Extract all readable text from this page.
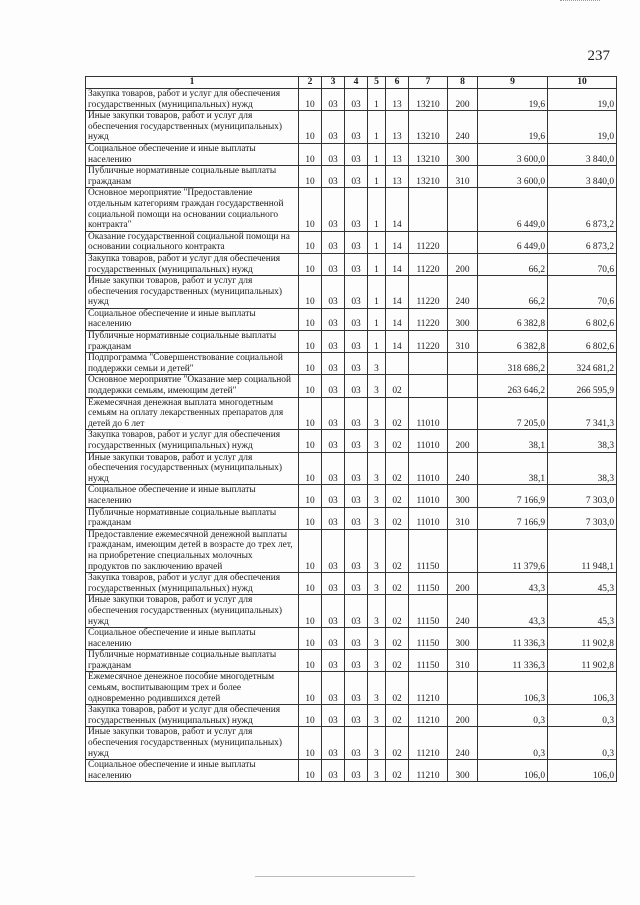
237
1	2	3	4	5	6	7	8	9	10
Закупка товаров, работ и услуг для обеспечения государственных (муниципальных) нужд	10	03	03	1	13	13210	200	19,6	19,0
Иные закупки товаров, работ и услуг для обеспечения государственных (муниципальных) нужд	10	03	03	1	13	13210	240	19,6	19,0
Социальное обеспечение и иные выплаты населению	10	03	03	1	13	13210	300	3 600,0	3 840,0
Публичные нормативные социальные выплаты гражданам	10	03	03	1	13	13210	310	3 600,0	3 840,0
Основное мероприятие "Предоставление отдельным категориям граждан государственной социальной помощи на основании социального контракта"	10	03	03	1	14			6 449,0	6 873,2
Оказание государственной социальной помощи на основании социального контракта	10	03	03	1	14	11220		6 449,0	6 873,2
Закупка товаров, работ и услуг для обеспечения государственных (муниципальных) нужд	10	03	03	1	14	11220	200	66,2	70,6
Иные закупки товаров, работ и услуг для обеспечения государственных (муниципальных) нужд	10	03	03	1	14	11220	240	66,2	70,6
Социальное обеспечение и иные выплаты населению	10	03	03	1	14	11220	300	6 382,8	6 802,6
Публичные нормативные социальные выплаты гражданам	10	03	03	1	14	11220	310	6 382,8	6 802,6
Подпрограмма "Совершенствование социальной поддержки семьи и детей"	10	03	03	3				318 686,2	324 681,2
Основное мероприятие "Оказание мер социальной поддержки семьям, имеющим детей"	10	03	03	3	02			263 646,2	266 595,9
Ежемесячная денежная выплата многодетным семьям на оплату лекарственных препаратов для детей до 6 лет	10	03	03	3	02	11010		7 205,0	7 341,3
Закупка товаров, работ и услуг для обеспечения государственных (муниципальных) нужд	10	03	03	3	02	11010	200	38,1	38,3
Иные закупки товаров, работ и услуг для обеспечения государственных (муниципальных) нужд	10	03	03	3	02	11010	240	38,1	38,3
Социальное обеспечение и иные выплаты населению	10	03	03	3	02	11010	300	7 166,9	7 303,0
Публичные нормативные социальные выплаты гражданам	10	03	03	3	02	11010	310	7 166,9	7 303,0
Предоставление ежемесячной денежной выплаты гражданам, имеющим детей в возрасте до трех лет, на приобретение специальных молочных продуктов по заключению врачей	10	03	03	3	02	11150		11 379,6	11 948,1
Закупка товаров, работ и услуг для обеспечения государственных (муниципальных) нужд	10	03	03	3	02	11150	200	43,3	45,3
Иные закупки товаров, работ и услуг для обеспечения государственных (муниципальных) нужд	10	03	03	3	02	11150	240	43,3	45,3
Социальное обеспечение и иные выплаты населению	10	03	03	3	02	11150	300	11 336,3	11 902,8
Публичные нормативные социальные выплаты гражданам	10	03	03	3	02	11150	310	11 336,3	11 902,8
Ежемесячное денежное пособие многодетным семьям, воспитывающим трех и более одновременно родившихся детей	10	03	03	3	02	11210		106,3	106,3
Закупка товаров, работ и услуг для обеспечения государственных (муниципальных) нужд	10	03	03	3	02	11210	200	0,3	0,3
Иные закупки товаров, работ и услуг для обеспечения государственных (муниципальных) нужд	10	03	03	3	02	11210	240	0,3	0,3
Социальное обеспечение и иные выплаты населению	10	03	03	3	02	11210	300	106,0	106,0
